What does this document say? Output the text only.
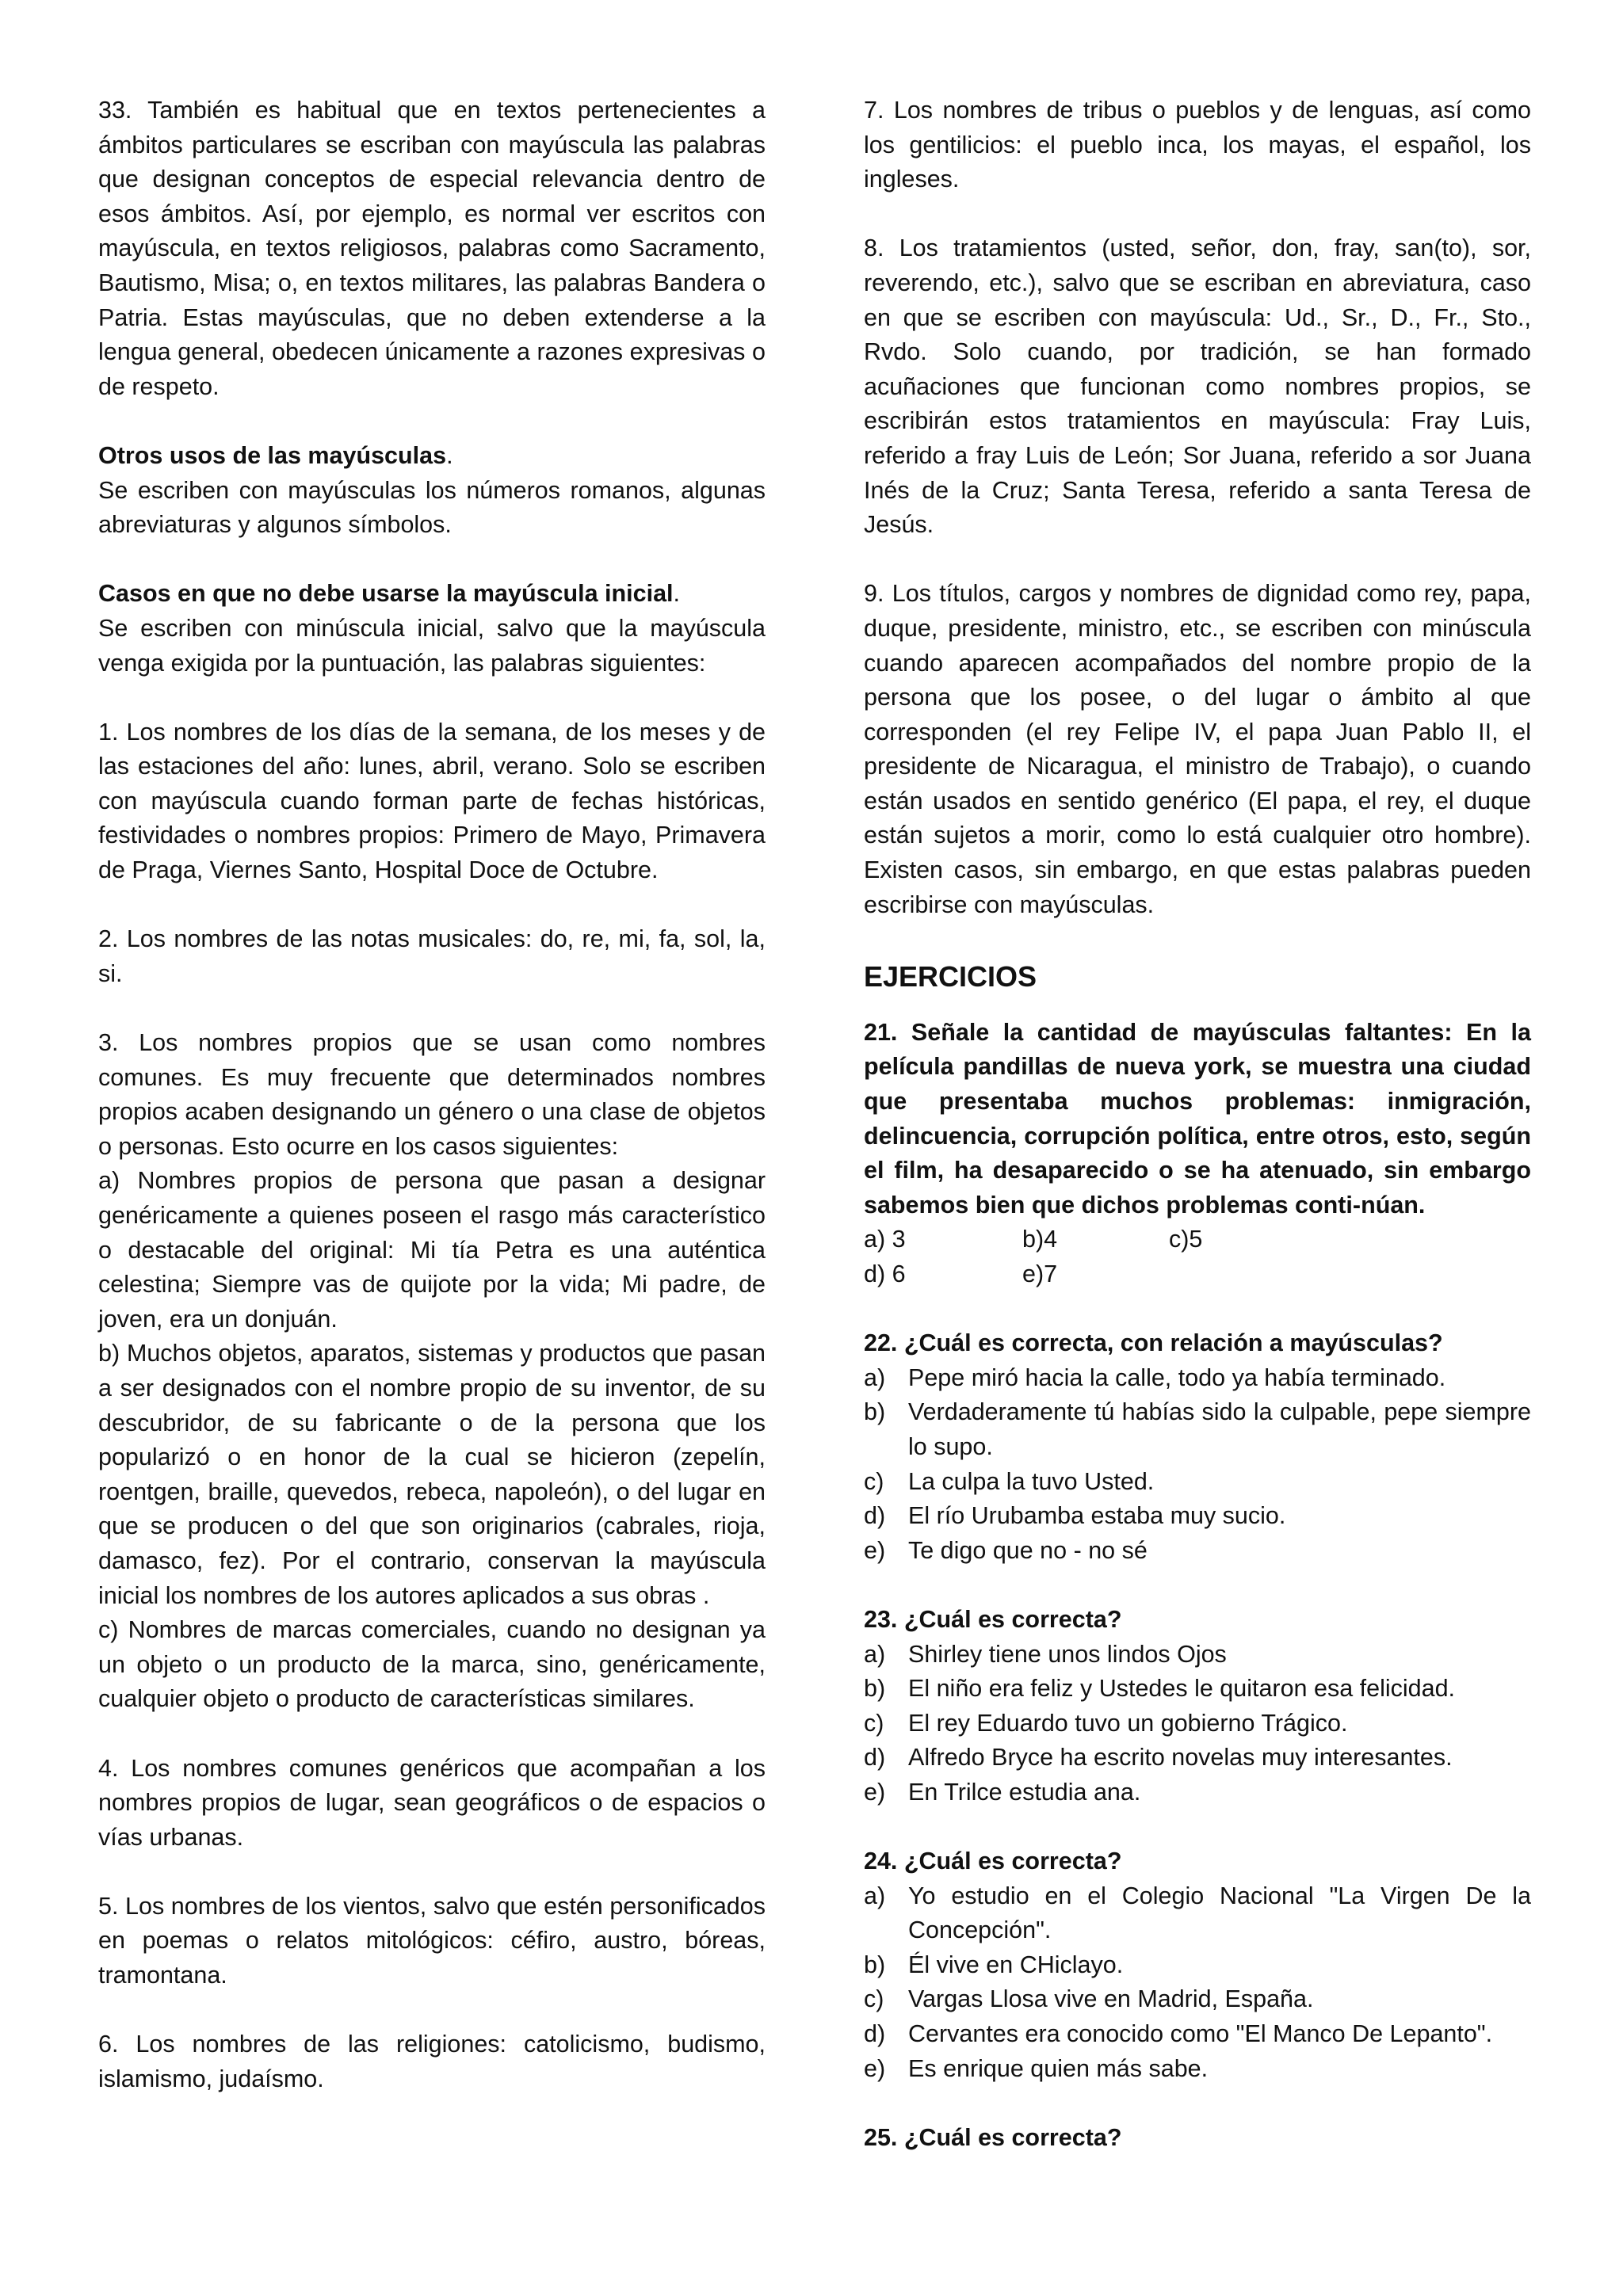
33. También es habitual que en textos pertenecientes a ámbitos particulares se escriban con mayúscula las palabras que designan conceptos de especial relevancia dentro de esos ámbitos. Así, por ejemplo, es normal ver escritos con mayúscula, en textos religiosos, palabras como Sacramento, Bautismo, Misa; o, en textos militares, las palabras Bandera o Patria. Estas mayúsculas, que no deben extenderse a la lengua general, obedecen únicamente a razones expresivas o de respeto.

Otros usos de las mayúsculas.

Se escriben con mayúsculas los números romanos, algunas abreviaturas y algunos símbolos.

Casos en que no debe usarse la mayúscula inicial.

Se escriben con minúscula inicial, salvo que la mayúscula venga exigida por la puntuación, las palabras siguientes:

1. Los nombres de los días de la semana, de los meses y de las estaciones del año: lunes, abril, verano. Solo se escriben con mayúscula cuando forman parte de fechas históricas, festividades o nombres propios: Primero de Mayo, Primavera de Praga, Viernes Santo, Hospital Doce de Octubre.

2. Los nombres de las notas musicales: do, re, mi, fa, sol, la, si.

3. Los nombres propios que se usan como nombres comunes. Es muy frecuente que determinados nombres propios acaben designando un género o una clase de objetos o personas. Esto ocurre en los casos siguientes:

a) Nombres propios de persona que pasan a designar genéricamente a quienes poseen el rasgo más característico o destacable del original: Mi tía Petra es una auténtica celestina; Siempre vas de quijote por la vida; Mi padre, de joven, era un donjuán.

b) Muchos objetos, aparatos, sistemas y productos que pasan a ser designados con el nombre propio de su inventor, de su descubridor, de su fabricante o de la persona que los popularizó o en honor de la cual se hicieron (zepelín, roentgen, braille, quevedos, rebeca, napoleón), o del lugar en que se producen o del que son originarios (cabrales, rioja, damasco, fez). Por el contrario, conservan la mayúscula inicial los nombres de los autores aplicados a sus obras .

c) Nombres de marcas comerciales, cuando no designan ya un objeto o un producto de la marca, sino, genéricamente, cualquier objeto o producto de características similares.

4. Los nombres comunes genéricos que acompañan a los nombres propios de lugar, sean geográficos o de espacios o vías urbanas.

5. Los nombres de los vientos, salvo que estén personificados en poemas o relatos mitológicos: céfiro, austro, bóreas, tramontana.

6. Los nombres de las religiones: catolicismo, budismo, islamismo, judaísmo.

7. Los nombres de tribus o pueblos y de lenguas, así como los gentilicios: el pueblo inca, los mayas, el español, los ingleses.

8. Los tratamientos (usted, señor, don, fray, san(to), sor, reverendo, etc.), salvo que se escriban en abreviatura, caso en que se escriben con mayúscula: Ud., Sr., D., Fr., Sto., Rvdo. Solo cuando, por tradición, se han formado acuñaciones que funcionan como nombres propios, se escribirán estos tratamientos en mayúscula: Fray Luis, referido a fray Luis de León; Sor Juana, referido a sor Juana Inés de la Cruz; Santa Teresa, referido a santa Teresa de Jesús.

9. Los títulos, cargos y nombres de dignidad como rey, papa, duque, presidente, ministro, etc., se escriben con minúscula cuando aparecen acompañados del nombre propio de la persona que los posee, o del lugar o ámbito al que corresponden (el rey Felipe IV, el papa Juan Pablo II, el presidente de Nicaragua, el ministro de Trabajo), o cuando están usados en sentido genérico (El papa, el rey, el duque están sujetos a morir, como lo está cualquier otro hombre). Existen casos, sin embargo, en que estas palabras pueden escribirse con mayúsculas.

EJERCICIOS

21. Señale la cantidad de mayúsculas faltantes: En la película pandillas de nueva york, se muestra una ciudad que presentaba muchos problemas: inmigración, delincuencia, corrupción política, entre otros, esto, según el film, ha desaparecido o se ha atenuado, sin embargo sabemos bien que dichos problemas conti-núan.

a) 3	b)4	c)5
d) 6	e)7

22. ¿Cuál es correcta, con relación a mayúsculas?

a) Pepe miró hacia la calle, todo ya había terminado.
b) Verdaderamente tú habías sido la culpable, pepe siempre lo supo.
c)	La culpa la tuvo Usted.
d) El río Urubamba estaba muy sucio.
e) Te digo que no - no sé

23. ¿Cuál es correcta?

a) Shirley tiene unos lindos Ojos
b) El niño era feliz y Ustedes le quitaron esa felicidad.
c)	El rey Eduardo tuvo un gobierno Trágico.
d) Alfredo Bryce ha escrito novelas muy interesantes.
e) En Trilce estudia ana.

24. ¿Cuál es correcta?

a) Yo estudio en el Colegio Nacional "La Virgen De la Concepción".
b) Él vive en CHiclayo.
c)	Vargas Llosa vive en Madrid, España.
d) Cervantes era conocido como "El Manco De Lepanto".
e) Es enrique quien más sabe.

25. ¿Cuál es correcta?
